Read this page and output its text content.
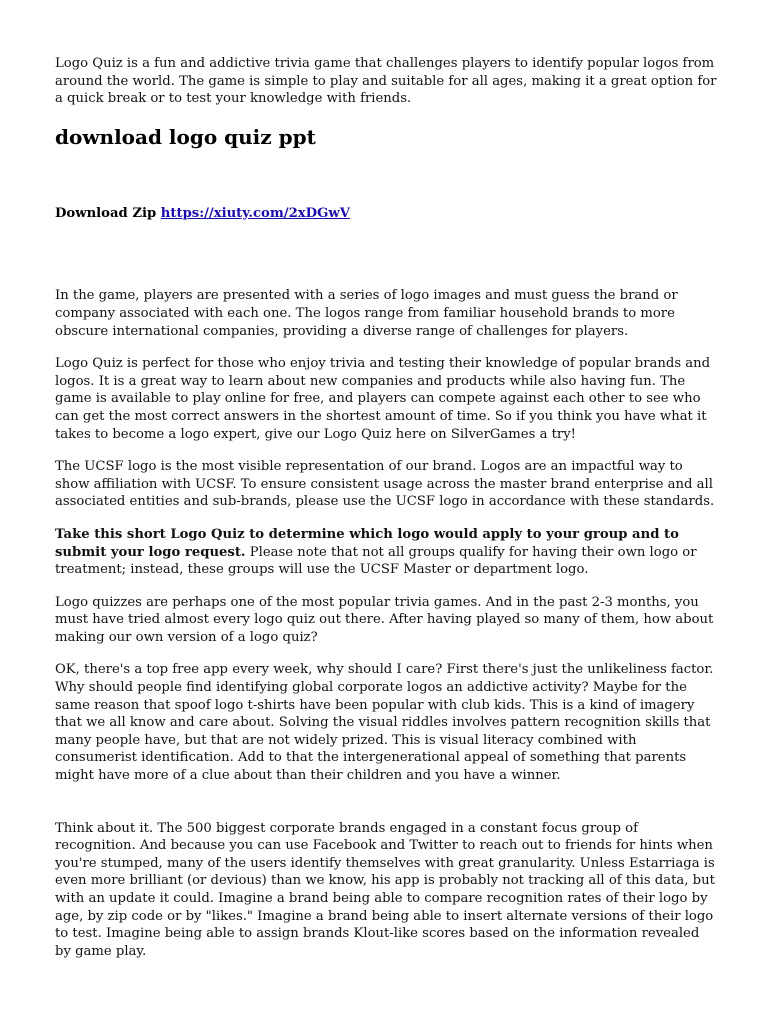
Logo Quiz is a fun and addictive trivia game that challenges players to identify popular logos from around the world. The game is simple to play and suitable for all ages, making it a great option for a quick break or to test your knowledge with friends.

download logo quiz ppt

Download Zip https://xiuty.com/2xDGwV

In the game, players are presented with a series of logo images and must guess the brand or company associated with each one. The logos range from familiar household brands to more obscure international companies, providing a diverse range of challenges for players.

Logo Quiz is perfect for those who enjoy trivia and testing their knowledge of popular brands and logos. It is a great way to learn about new companies and products while also having fun. The game is available to play online for free, and players can compete against each other to see who can get the most correct answers in the shortest amount of time. So if you think you have what it takes to become a logo expert, give our Logo Quiz here on SilverGames a try!

The UCSF logo is the most visible representation of our brand. Logos are an impactful way to show affiliation with UCSF. To ensure consistent usage across the master brand enterprise and all associated entities and sub-brands, please use the UCSF logo in accordance with these standards.

Take this short Logo Quiz to determine which logo would apply to your group and to submit your logo request. Please note that not all groups qualify for having their own logo or treatment; instead, these groups will use the UCSF Master or department logo.

Logo quizzes are perhaps one of the most popular trivia games. And in the past 2-3 months, you must have tried almost every logo quiz out there. After having played so many of them, how about making our own version of a logo quiz?

OK, there's a top free app every week, why should I care? First there's just the unlikeliness factor. Why should people find identifying global corporate logos an addictive activity? Maybe for the same reason that spoof logo t-shirts have been popular with club kids. This is a kind of imagery that we all know and care about. Solving the visual riddles involves pattern recognition skills that many people have, but that are not widely prized. This is visual literacy combined with consumerist identification. Add to that the intergenerational appeal of something that parents might have more of a clue about than their children and you have a winner.

Think about it. The 500 biggest corporate brands engaged in a constant focus group of recognition. And because you can use Facebook and Twitter to reach out to friends for hints when you're stumped, many of the users identify themselves with great granularity. Unless Estarriaga is even more brilliant (or devious) than we know, his app is probably not tracking all of this data, but with an update it could. Imagine a brand being able to compare recognition rates of their logo by age, by zip code or by "likes." Imagine a brand being able to insert alternate versions of their logo to test. Imagine being able to assign brands Klout-like scores based on the information revealed by game play.
